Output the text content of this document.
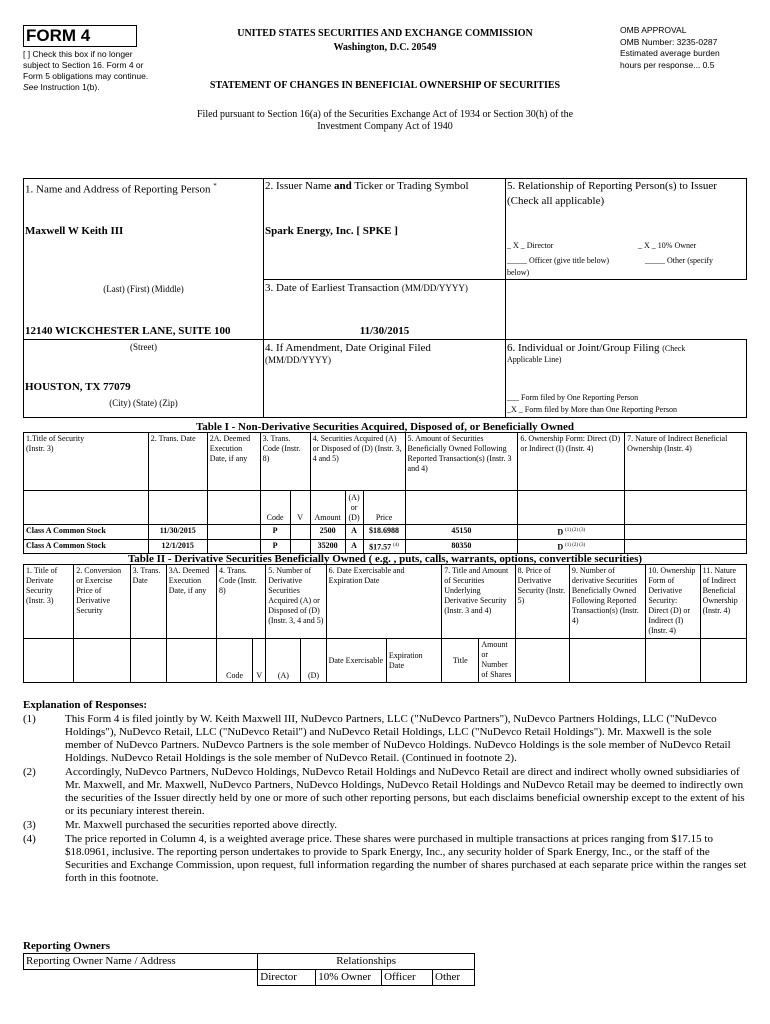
FORM 4
[ ] Check this box if no longer subject to Section 16. Form 4 or Form 5 obligations may continue. See Instruction 1(b).
UNITED STATES SECURITIES AND EXCHANGE COMMISSION
Washington, D.C. 20549
STATEMENT OF CHANGES IN BENEFICIAL OWNERSHIP OF SECURITIES
OMB APPROVAL
OMB Number: 3235-0287
Estimated average burden
hours per response... 0.5
Filed pursuant to Section 16(a) of the Securities Exchange Act of 1934 or Section 30(h) of the
Investment Company Act of 1940
1. Name and Address of Reporting Person *
Maxwell W Keith III
(Last) (First) (Middle)
12140 WICKCHESTER LANE, SUITE 100
(Street)
HOUSTON, TX 77079
(City) (State) (Zip)
2. Issuer Name and Ticker or Trading Symbol
Spark Energy, Inc. [ SPKE ]
3. Date of Earliest Transaction (MM/DD/YYYY)
11/30/2015
4. If Amendment, Date Original Filed
(MM/DD/YYYY)
5. Relationship of Reporting Person(s) to Issuer
(Check all applicable)
_ X _ Director	_ X _ 10% Owner
_____ Officer (give title below)	_____ Other (specify
below)
6. Individual or Joint/Group Filing (Check
Applicable Line)
___ Form filed by One Reporting Person
_X _ Form filed by More than One Reporting Person
Table I - Non-Derivative Securities Acquired, Disposed of, or Beneficially Owned
1.Title of Security
(Instr. 3)	2. Trans. Date	2A. Deemed Execution Date, if any	3. Trans. Code (Instr. 8)		4. Securities Acquired (A) or Disposed of (D) (Instr. 3, 4 and 5)			5. Amount of Securities Beneficially Owned Following Reported Transaction(s) (Instr. 3 and 4)	6. Ownership Form: Direct (D) or Indirect (I) (Instr. 4)	7. Nature of Indirect Beneficial Ownership (Instr. 4)
			Code	V	Amount	(A) or (D)	Price			
Class A Common Stock	11/30/2015		P		2500	A	$18.6988	45150	D $^{(1) (2) (3)}$	
Class A Common Stock	12/1/2015		P		35200	A	$17.57 $^{(4)}$	80350	D $^{(1) (2) (3)}$	
Table II - Derivative Securities Beneficially Owned ( e.g. , puts, calls, warrants, options, convertible securities)
1. Title of Derivate Security (Instr. 3)	2. Conversion or Exercise Price of Derivative Security	3. Trans. Date	3A. Deemed Execution Date, if any	4. Trans. Code (Instr. 8)		5. Number of Derivative Securities Acquired (A) or Disposed of (D) (Instr. 3, 4 and 5)		6. Date Exercisable and Expiration Date		7. Title and Amount of Securities Underlying Derivative Security (Instr. 3 and 4)		8. Price of Derivative Security (Instr. 5)	9. Number of derivative Securities Beneficially Owned Following Reported Transaction(s) (Instr. 4)	10. Ownership Form of Derivative Security: Direct (D) or Indirect (I) (Instr. 4)	11. Nature of Indirect Beneficial Ownership (Instr. 4)
				Code	V	(A)	(D)	Date Exercisable	Expiration Date	Title	Amount or Number of Shares				
Explanation of Responses:
(1)	This Form 4 is filed jointly by W. Keith Maxwell III, NuDevco Partners, LLC ("NuDevco Partners"), NuDevco Partners Holdings, LLC ("NuDevco Holdings"), NuDevco Retail, LLC ("NuDevco Retail") and NuDevco Retail Holdings, LLC ("NuDevco Retail Holdings"). Mr. Maxwell is the sole member of NuDevco Partners. NuDevco Partners is the sole member of NuDevco Holdings. NuDevco Holdings is the sole member of NuDevco Retail Holdings. NuDevco Retail Holdings is the sole member of NuDevco Retail. (Continued in footnote 2).
(2)	Accordingly, NuDevco Partners, NuDevco Holdings, NuDevco Retail Holdings and NuDevco Retail are direct and indirect wholly owned subsidiaries of Mr. Maxwell, and Mr. Maxwell, NuDevco Partners, NuDevco Holdings, NuDevco Retail Holdings and NuDevco Retail may be deemed to indirectly own the securities of the Issuer directly held by one or more of such other reporting persons, but each disclaims beneficial ownership except to the extent of his or its pecuniary interest therein.
(3)	Mr. Maxwell purchased the securities reported above directly.
(4)	The price reported in Column 4, is a weighted average price. These shares were purchased in multiple transactions at prices ranging from $17.15 to $18.0961, inclusive. The reporting person undertakes to provide to Spark Energy, Inc., any security holder of Spark Energy, Inc., or the staff of the Securities and Exchange Commission, upon request, full information regarding the number of shares purchased at each separate price within the ranges set forth in this footnote.
Reporting Owners
Reporting Owner Name / Address	Relationships			
	Director	10% Owner	Officer	Other
